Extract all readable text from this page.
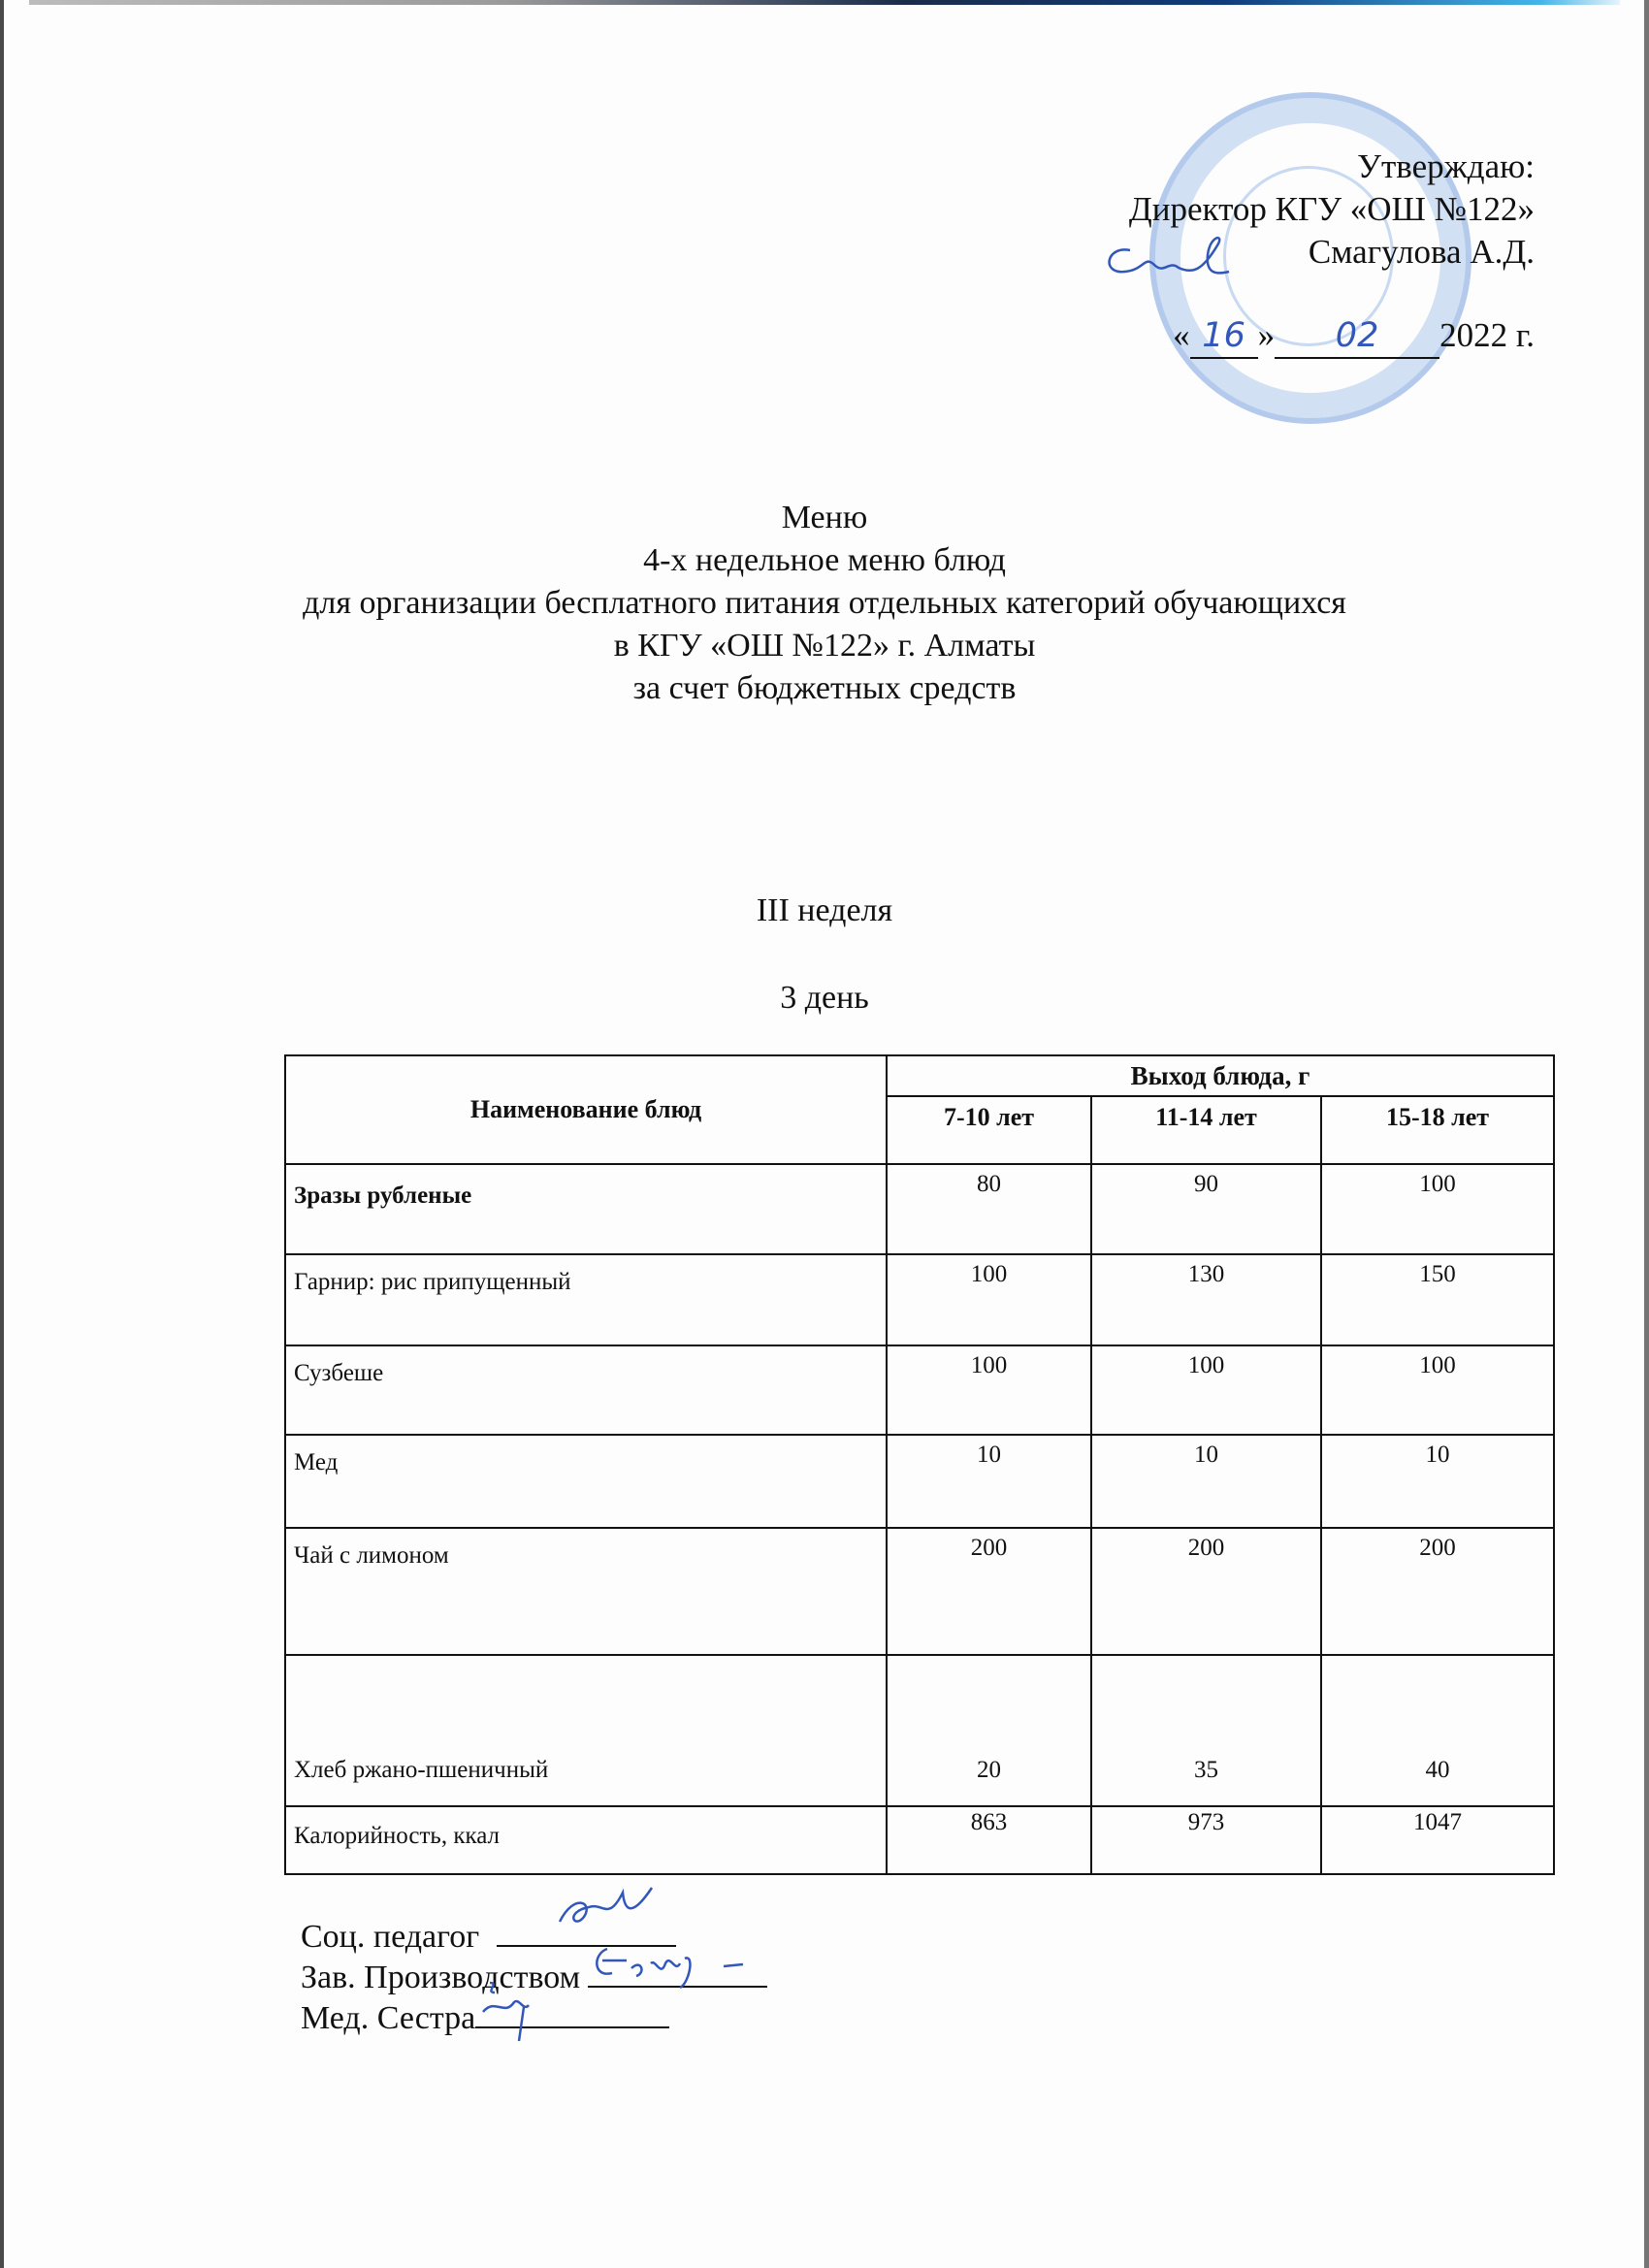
Утверждаю:
Директор КГУ «ОШ №122»
Смагулова А.Д.
« 16 » 02 2022 г.
Меню
4-х недельное меню блюд
для организации бесплатного питания отдельных категорий обучающихся
в КГУ «ОШ №122» г. Алматы
за счет бюджетных средств
III неделя
3 день
Наименование блюд	Выход блюда, г		
	7-10 лет	11-14 лет	15-18 лет
Зразы рубленые	80	90	100
Гарнир: рис припущенный	100	130	150
Сузбеше	100	100	100
Мед	10	10	10
Чай с лимоном	200	200	200
Хлеб ржано-пшеничный	20	35	40
Калорийность, ккал	863	973	1047
Соц. педагог
Зав. Производством
Мед. Сестра
